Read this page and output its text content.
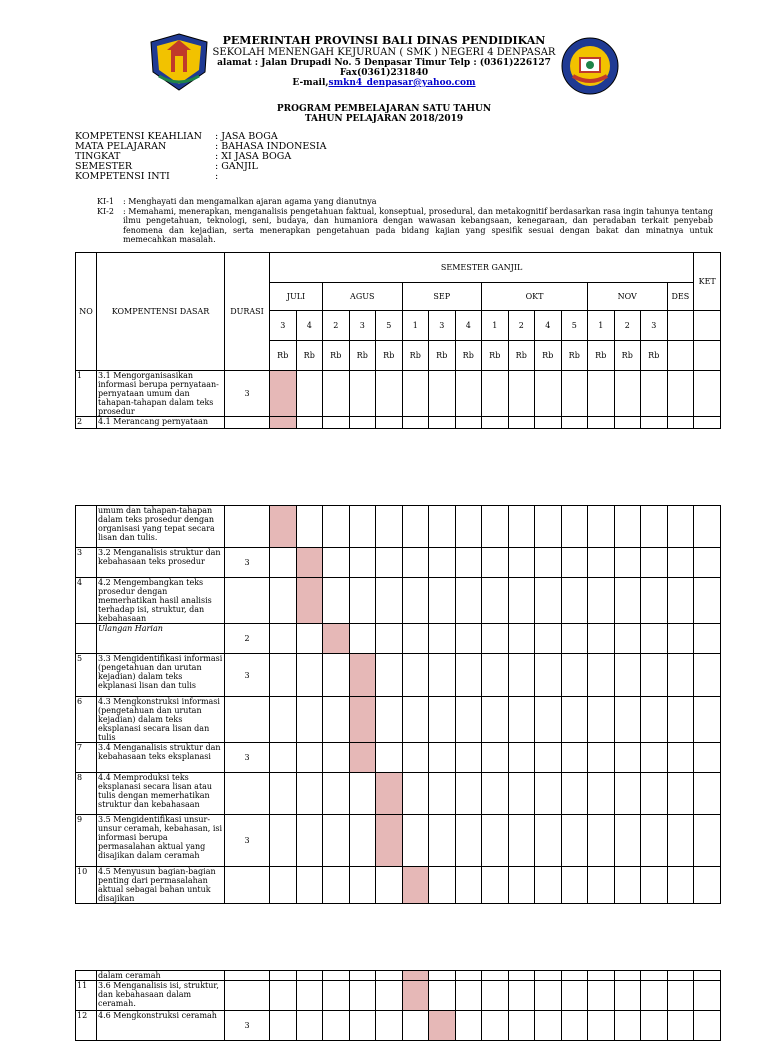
PEMERINTAH PROVINSI BALI DINAS PENDIDIKAN
SEKOLAH MENENGAH KEJURUAN ( SMK ) NEGERI 4 DENPASAR
alamat : Jalan Drupadi No. 5 Denpasar Timur Telp : (0361)226127
Fax(0361)231840
E-mail,smkn4_denpasar@yahoo.com
PROGRAM PEMBELAJARAN SATU TAHUN
TAHUN PELAJARAN 2018/2019
KOMPETENSI KEAHLIAN	: JASA BOGA
MATA PELAJARAN	: BAHASA INDONESIA
TINGKAT	: XI JASA BOGA
SEMESTER	: GANJIL
KOMPETENSI INTI	:
KI-1	: Menghayati dan mengamalkan ajaran agama yang dianutnya
KI-2	: Memahami, menerapkan, menganalisis pengetahuan faktual, konseptual, prosedural, dan metakognitif berdasarkan rasa ingin tahunya tentang ilmu pengetahuan, teknologi, seni, budaya, dan humaniora dengan wawasan kebangsaan, kenegaraan, dan peradaban terkait penyebab fenomena dan kejadian, serta menerapkan pengetahuan pada bidang kajian yang spesifik sesuai dengan bakat dan minatnya untuk memecahkan masalah.
NO	KOMPENTENSI DASAR	DURASI	SEMESTER GANJIL																KET
			JULI		AGUS			SEP			OKT				NOV			DES	
			3	4	2	3	5	1	3	4	1	2	4	5	1	2	3		
			Rb	Rb	Rb	Rb	Rb	Rb	Rb	Rb	Rb	Rb	Rb	Rb	Rb	Rb	Rb		
1	3.1 Mengorganisasikan informasi berupa pernyataan-pernyataan umum dan tahapan-tahapan dalam teks prosedur	3																	
2	4.1 Merancang pernyataan																		
	umum dan tahapan-tahapan dalam teks prosedur dengan organisasi yang tepat secara lisan dan tulis.																		
3	3.2 Menganalisis struktur dan kebahasaan teks prosedur	3																	
4	4.2 Mengembangkan teks prosedur dengan memerhatikan hasil analisis terhadap isi, struktur, dan kebahasaan																		
	Ulangan Harian	2																	
5	3.3 Mengidentifikasi informasi (pengetahuan dan urutan kejadian) dalam teks ekplanasi lisan dan tulis	3																	
6	4.3 Mengkonstruksi informasi (pengetahuan dan urutan kejadian) dalam teks eksplanasi secara lisan dan tulis																		
7	3.4 Menganalisis struktur dan kebahasaan teks eksplanasi	3																	
8	4.4 Memproduksi teks eksplanasi secara lisan atau tulis dengan memerhatikan struktur dan kebahasaan																		
9	3.5 Mengidentifikasi unsur-unsur ceramah, kebahasan, isi informasi berupa permasalahan aktual yang disajikan dalam ceramah	3																	
10	4.5 Menyusun bagian-bagian penting dari permasalahan aktual sebagai bahan untuk disajikan																		
	dalam ceramah																		
11	3.6 Menganalisis isi, struktur, dan kebahasaan dalam ceramah.																		
12	4.6 Mengkonstruksi ceramah	3																	
